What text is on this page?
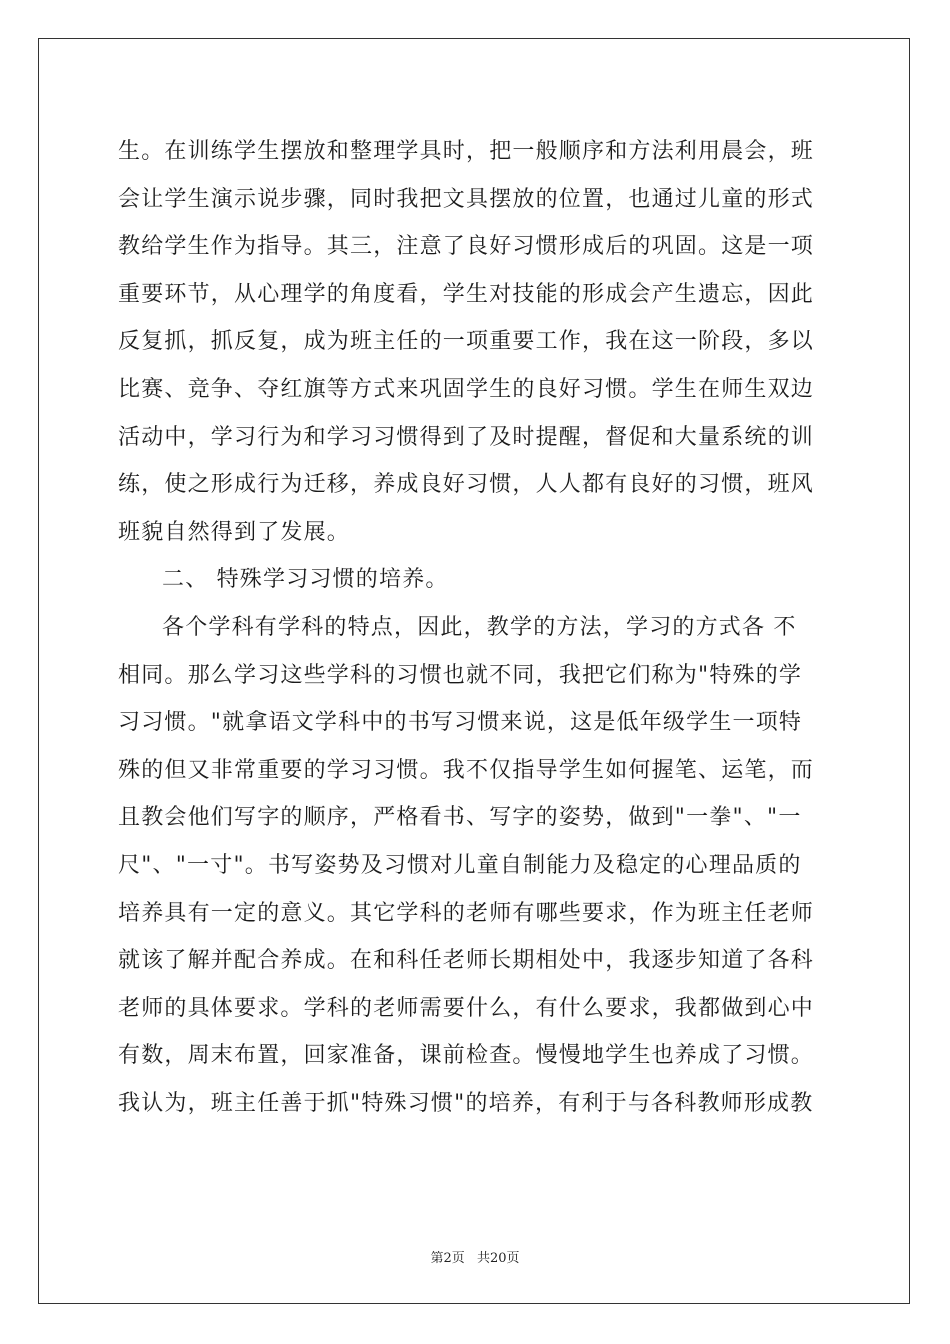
生。在训练学生摆放和整理学具时，把一般顺序和方法利用晨会，班
会让学生演示说步骤，同时我把文具摆放的位置，也通过儿童的形式
教给学生作为指导。其三，注意了良好习惯形成后的巩固。这是一项
重要环节，从心理学的角度看，学生对技能的形成会产生遗忘，因此
反复抓，抓反复，成为班主任的一项重要工作，我在这一阶段，多以
比赛、竞争、夺红旗等方式来巩固学生的良好习惯。学生在师生双边
活动中，学习行为和学习习惯得到了及时提醒，督促和大量系统的训
练，使之形成行为迁移，养成良好习惯，人人都有良好的习惯，班风
班貌自然得到了发展。
二、 特殊学习习惯的培养。
各个学科有学科的特点，因此，教学的方法，学习的方式各 不
相同。那么学习这些学科的习惯也就不同，我把它们称为"特殊的学
习习惯。"就拿语文学科中的书写习惯来说，这是低年级学生一项特
殊的但又非常重要的学习习惯。我不仅指导学生如何握笔、运笔，而
且教会他们写字的顺序，严格看书、写字的姿势，做到"一拳"、"一
尺"、"一寸"。书写姿势及习惯对儿童自制能力及稳定的心理品质的
培养具有一定的意义。其它学科的老师有哪些要求，作为班主任老师
就该了解并配合养成。在和科任老师长期相处中，我逐步知道了各科
老师的具体要求。学科的老师需要什么，有什么要求，我都做到心中
有数，周末布置，回家准备，课前检查。慢慢地学生也养成了习惯。
我认为，班主任善于抓"特殊习惯"的培养，有利于与各科教师形成教
第2页 共20页
